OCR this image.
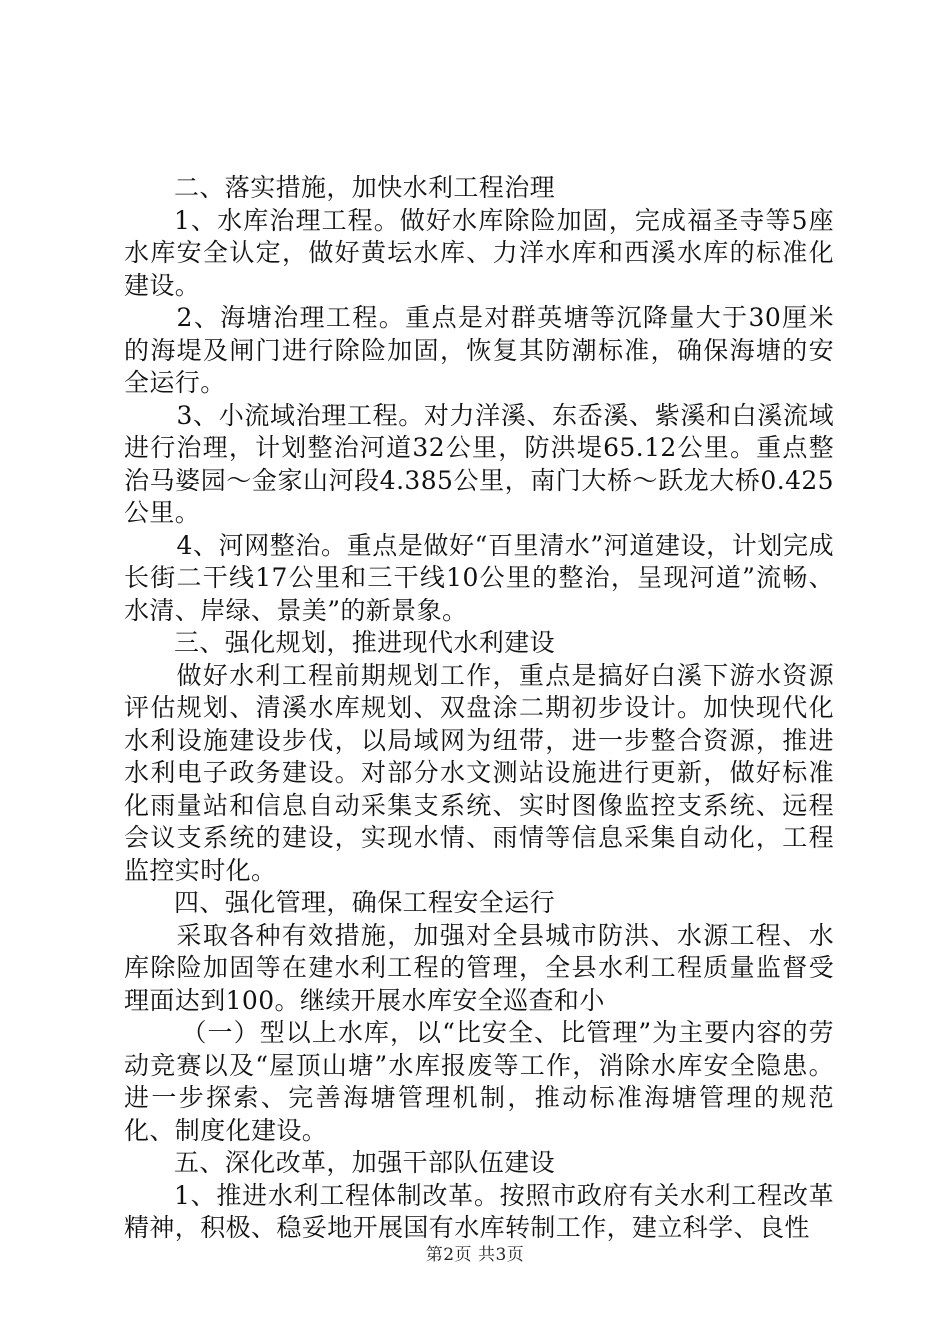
二、落实措施，加快水利工程治理

1、水库治理工程。做好水库除险加固，完成福圣寺等5座水库安全认定，做好黄坛水库、力洋水库和西溪水库的标准化建设。

2、海塘治理工程。重点是对群英塘等沉降量大于30厘米的海堤及闸门进行除险加固，恢复其防潮标准，确保海塘的安全运行。

3、小流域治理工程。对力洋溪、东岙溪、紫溪和白溪流域进行治理，计划整治河道32公里，防洪堤65.12公里。重点整治马婆园～金家山河段4.385公里，南门大桥～跃龙大桥0.425公里。

4、河网整治。重点是做好“百里清水”河道建设，计划完成长街二干线17公里和三干线10公里的整治，呈现河道”流畅、水清、岸绿、景美”的新景象。

三、强化规划，推进现代水利建设

做好水利工程前期规划工作，重点是搞好白溪下游水资源评估规划、清溪水库规划、双盘涂二期初步设计。加快现代化水利设施建设步伐，以局域网为纽带，进一步整合资源，推进水利电子政务建设。对部分水文测站设施进行更新，做好标准化雨量站和信息自动采集支系统、实时图像监控支系统、远程会议支系统的建设，实现水情、雨情等信息采集自动化，工程监控实时化。

四、强化管理，确保工程安全运行

采取各种有效措施，加强对全县城市防洪、水源工程、水库除险加固等在建水利工程的管理，全县水利工程质量监督受理面达到100。继续开展水库安全巡查和小

（一）型以上水库，以“比安全、比管理”为主要内容的劳动竞赛以及“屋顶山塘”水库报废等工作，消除水库安全隐患。进一步探索、完善海塘管理机制，推动标准海塘管理的规范化、制度化建设。

五、深化改革，加强干部队伍建设

1、推进水利工程体制改革。按照市政府有关水利工程改革精神，积极、稳妥地开展国有水库转制工作，建立科学、良性

第2页 共3页
